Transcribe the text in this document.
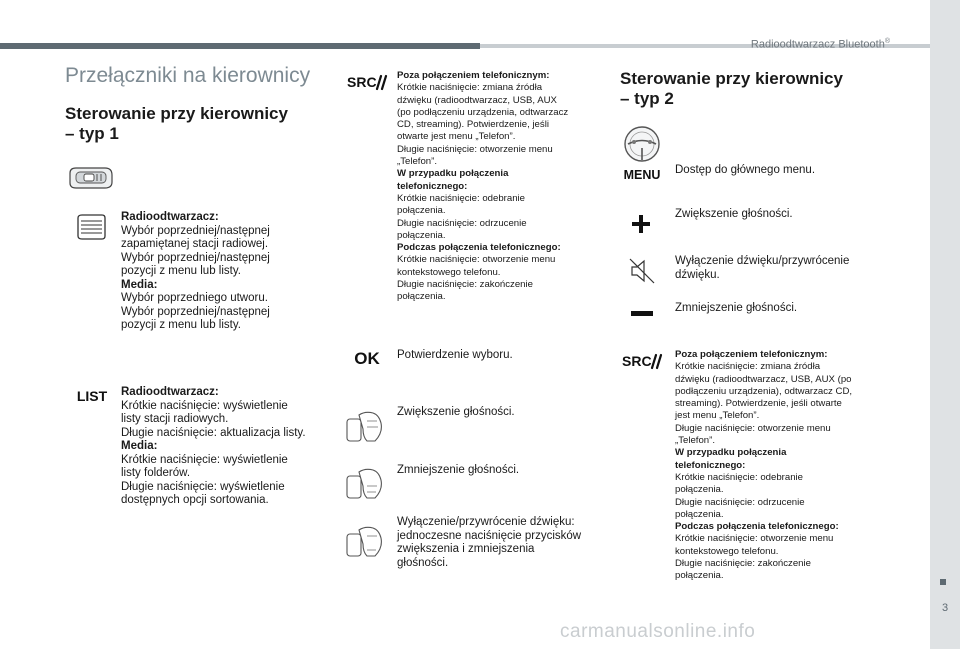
Radioodtwarzacz Bluetooth®
3
Przełączniki na kierownicy

Sterowanie przy kierownicy

– typ 1

Radioodtwarzacz:
Wybór poprzedniej/następnej
zapamiętanej stacji radiowej.
Wybór poprzedniej/następnej
pozycji z menu lub listy.
Media:
Wybór poprzedniego utworu.
Wybór poprzedniej/następnej
pozycji z menu lub listy.
LIST	Radioodtwarzacz:
Krótkie naciśnięcie: wyświetlenie
listy stacji radiowych.
Długie naciśnięcie: aktualizacja listy.
Media:
Krótkie naciśnięcie: wyświetlenie
listy folderów.
Długie naciśnięcie: wyświetlenie
dostępnych opcji sortowania.
SRC Poza połączeniem telefonicznym:
Krótkie naciśnięcie: zmiana źródła
dźwięku (radioodtwarzacz, USB, AUX
(po podłączeniu urządzenia, odtwarzacz
CD, streaming). Potwierdzenie, jeśli
otwarte jest menu „Telefon”.
Długie naciśnięcie: otworzenie menu
„Telefon”.
W przypadku połączenia
telefonicznego:
Krótkie naciśnięcie: odebranie
połączenia.
Długie naciśnięcie: odrzucenie
połączenia.
Podczas połączenia telefonicznego:
Krótkie naciśnięcie: otworzenie menu
kontekstowego telefonu.
Długie naciśnięcie: zakończenie
połączenia.
OK	Potwierdzenie wyboru.
Zwiększenie głośności.
Zmniejszenie głośności.
Wyłączenie/przywrócenie dźwięku:
jednoczesne naciśnięcie przycisków
zwiększenia i zmniejszenia
głośności.

Sterowanie przy kierownicy

– typ 2

MENU	Dostęp do głównego menu.
Zwiększenie głośności.
Wyłączenie dźwięku/przywrócenie
dźwięku.
Zmniejszenie głośności.
SRC Poza połączeniem telefonicznym:
Krótkie naciśnięcie: zmiana źródła
dźwięku (radioodtwarzacz, USB, AUX (po
podłączeniu urządzenia), odtwarzacz CD,
streaming). Potwierdzenie, jeśli otwarte
jest menu „Telefon”.
Długie naciśnięcie: otworzenie menu
„Telefon”.
W przypadku połączenia
telefonicznego:
Krótkie naciśnięcie: odebranie
połączenia.
Długie naciśnięcie: odrzucenie
połączenia.
Podczas połączenia telefonicznego:
Krótkie naciśnięcie: otworzenie menu
kontekstowego telefonu.
Długie naciśnięcie: zakończenie
połączenia.
carmanualsonline.info
